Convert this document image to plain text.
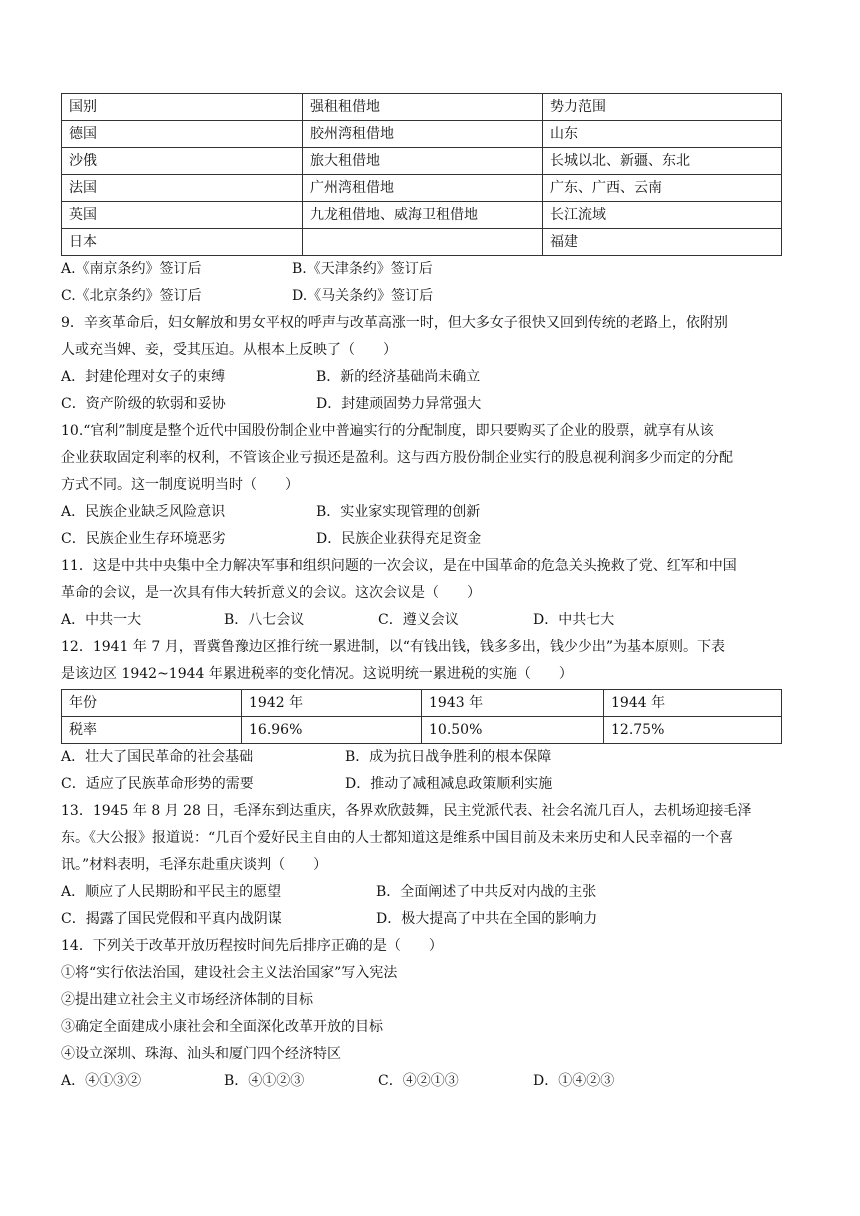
国别	强租租借地	势力范围
德国	胶州湾租借地	山东
沙俄	旅大租借地	长城以北、新疆、东北
法国	广州湾租借地	广东、广西、云南
英国	九龙租借地、威海卫租借地	长江流域
日本		福建
A.《南京条约》签订后	B.《天津条约》签订后
C.《北京条约》签订后	D.《马关条约》签订后
9．辛亥革命后，妇女解放和男女平权的呼声与改革高涨一时，但大多女子很快又回到传统的老路上，依附别
人或充当婢、妾，受其压迫。从根本上反映了（　　）
A．封建伦理对女子的束缚	B．新的经济基础尚未确立
C．资产阶级的软弱和妥协	D．封建顽固势力异常强大
10.“官利”制度是整个近代中国股份制企业中普遍实行的分配制度，即只要购买了企业的股票，就享有从该
企业获取固定利率的权利，不管该企业亏损还是盈利。这与西方股份制企业实行的股息视利润多少而定的分配
方式不同。这一制度说明当时（　　）
A．民族企业缺乏风险意识	B．实业家实现管理的创新
C．民族企业生存环境恶劣	D．民族企业获得充足资金
11．这是中共中央集中全力解决军事和组织问题的一次会议，是在中国革命的危急关头挽救了党、红军和中国
革命的会议，是一次具有伟大转折意义的会议。这次会议是（　　）
A．中共一大	B．八七会议	C．遵义会议	D．中共七大
12．1941 年 7 月，晋冀鲁豫边区推行统一累进制，以“有钱出钱，钱多多出，钱少少出”为基本原则。下表
是该边区 1942~1944 年累进税率的变化情况。这说明统一累进税的实施（　　）
年份	1942 年	1943 年	1944 年
税率	16.96%	10.50%	12.75%
A．壮大了国民革命的社会基础	B．成为抗日战争胜利的根本保障
C．适应了民族革命形势的需要	D．推动了减租减息政策顺利实施
13．1945 年 8 月 28 日，毛泽东到达重庆，各界欢欣鼓舞，民主党派代表、社会名流几百人，去机场迎接毛泽
东。《大公报》报道说：“几百个爱好民主自由的人士都知道这是维系中国目前及未来历史和人民幸福的一个喜
讯。”材料表明，毛泽东赴重庆谈判（　　）
A．顺应了人民期盼和平民主的愿望	B．全面阐述了中共反对内战的主张
C．揭露了国民党假和平真内战阴谋	D．极大提高了中共在全国的影响力
14．下列关于改革开放历程按时间先后排序正确的是（　　）
①将“实行依法治国，建设社会主义法治国家”写入宪法
②提出建立社会主义市场经济体制的目标
③确定全面建成小康社会和全面深化改革开放的目标
④设立深圳、珠海、汕头和厦门四个经济特区
A．④①③②	B．④①②③	C．④②①③	D．①④②③
